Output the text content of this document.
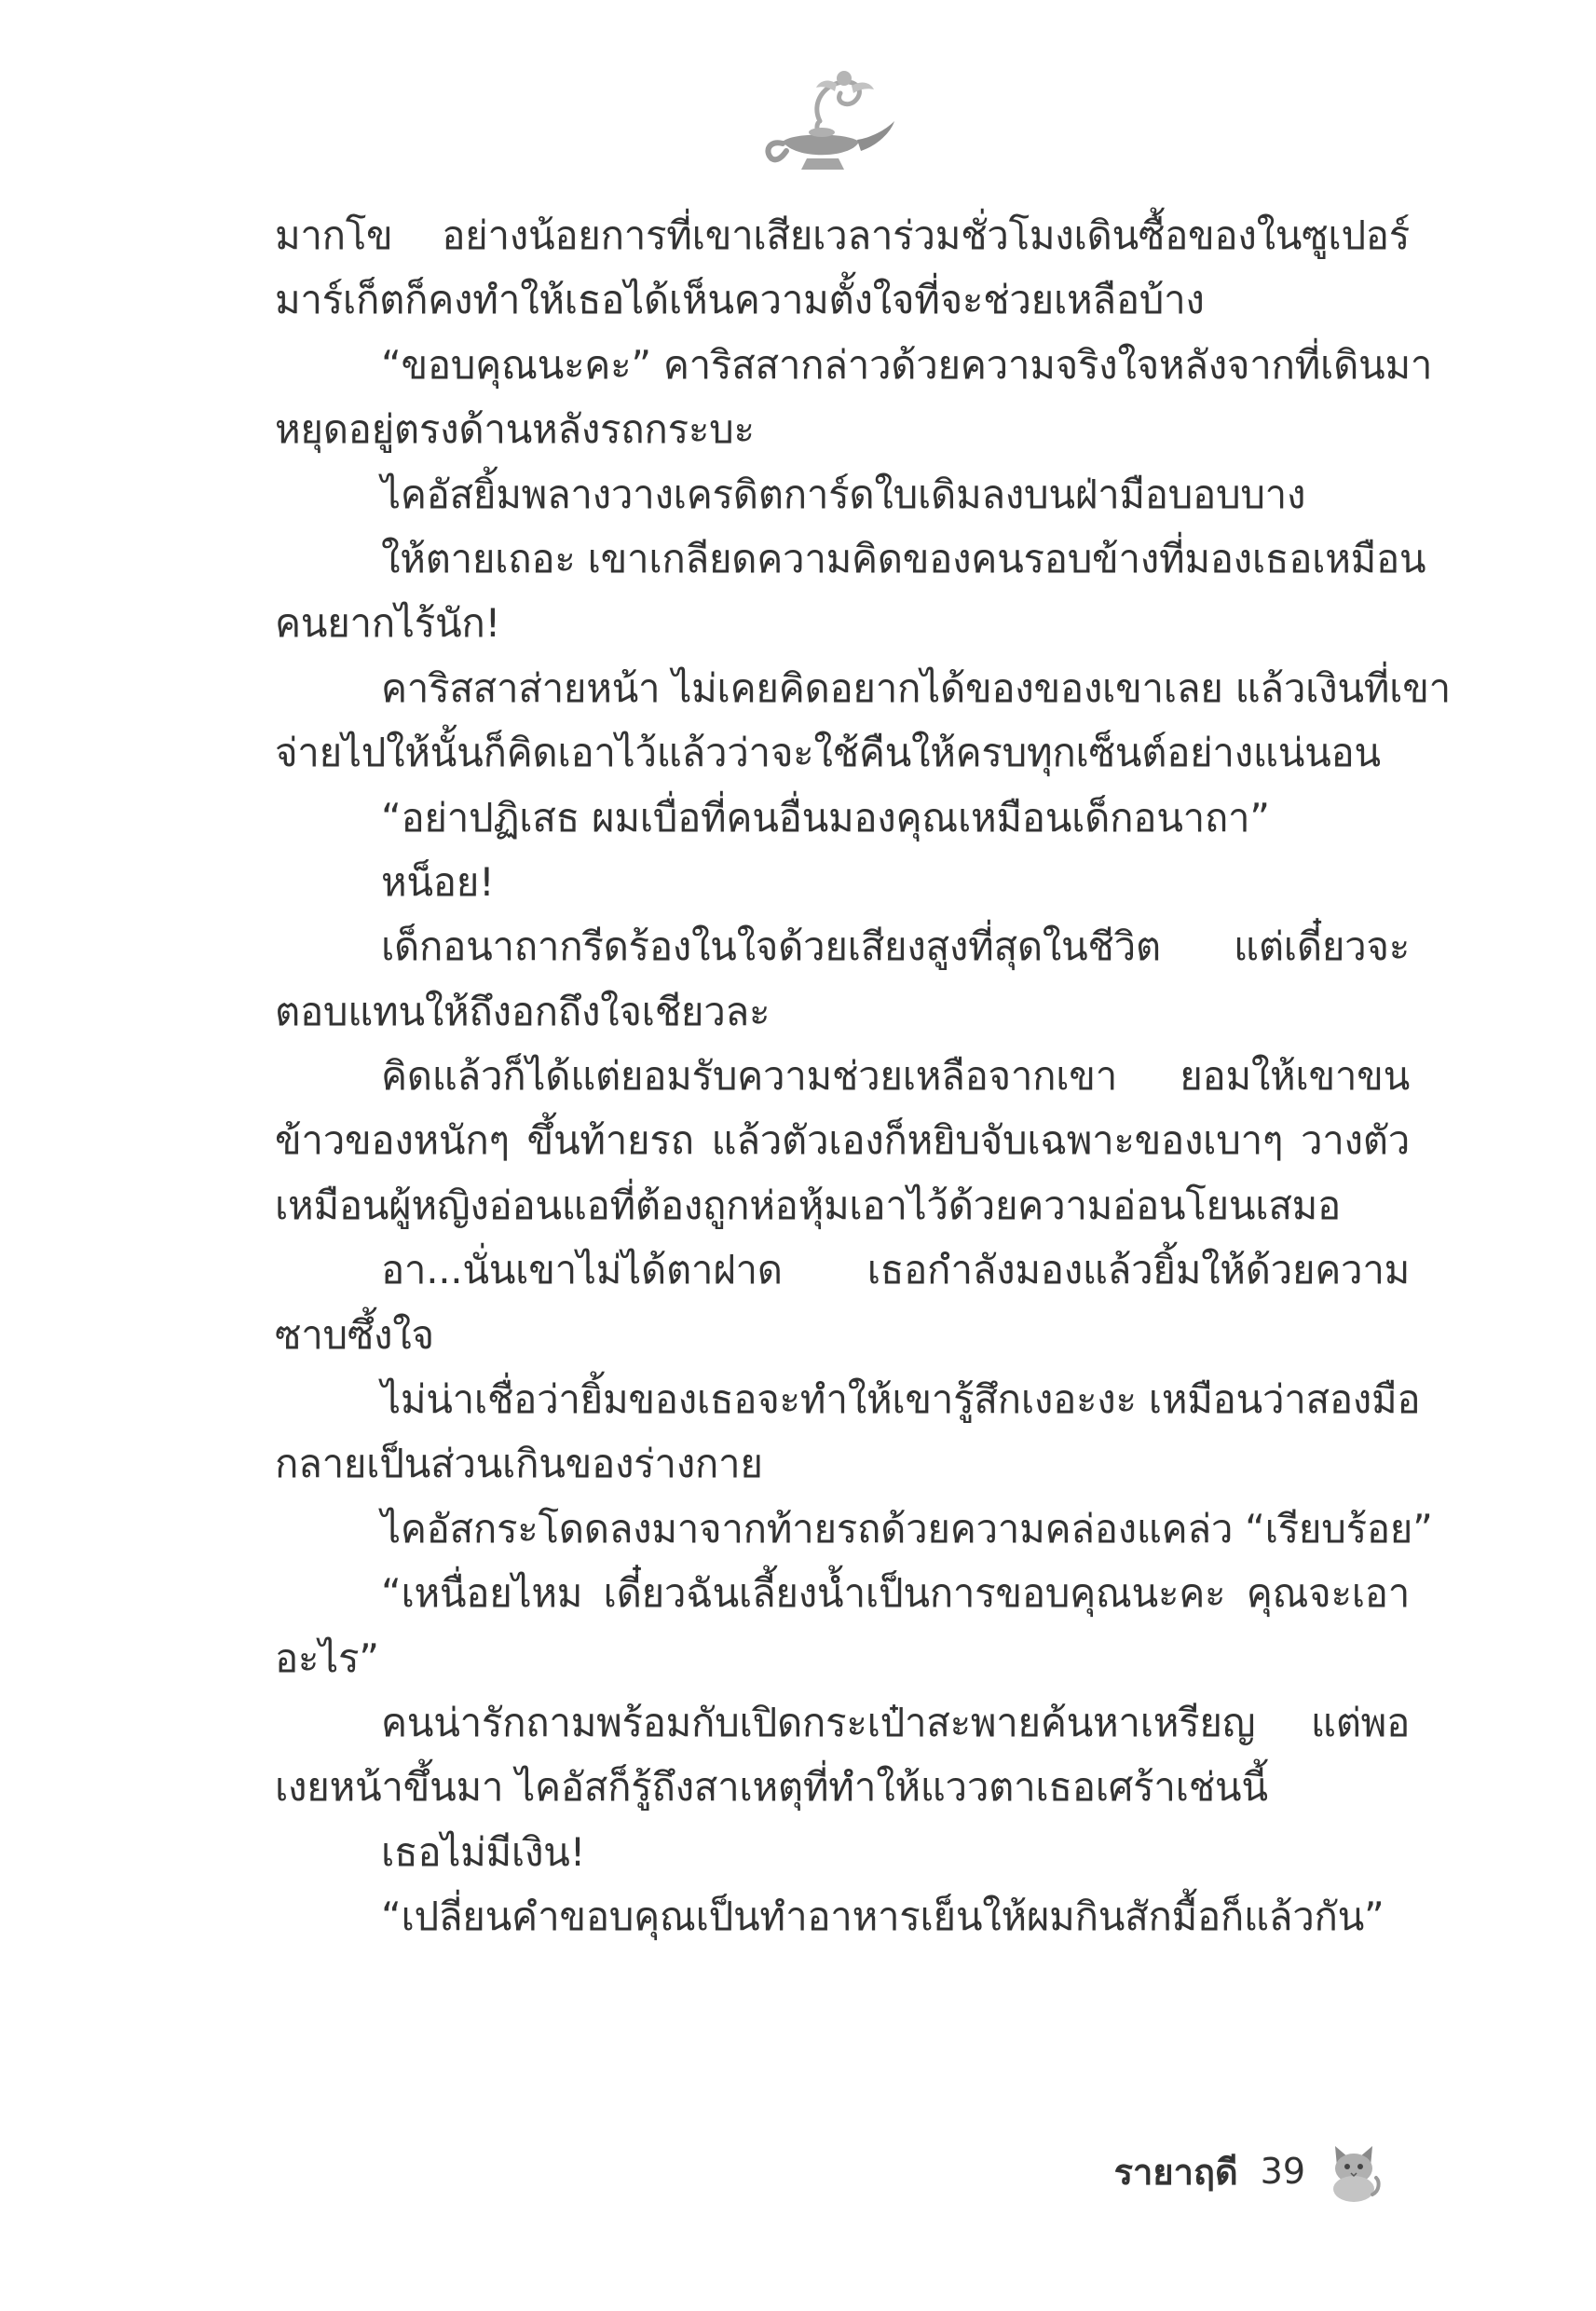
มากโข อย่างน้อยการที่เขาเสียเวลาร่วมชั่วโมงเดินซื้อของในซูเปอร์
มาร์เก็ตก็คงทำให้เธอได้เห็นความตั้งใจที่จะช่วยเหลือบ้าง
“ขอบคุณนะคะ” คาริสสากล่าวด้วยความจริงใจหลังจากที่เดินมา
หยุดอยู่ตรงด้านหลังรถกระบะ
ไคอัสยิ้มพลางวางเครดิตการ์ดใบเดิมลงบนฝ่ามือบอบบาง
ให้ตายเถอะ เขาเกลียดความคิดของคนรอบข้างที่มองเธอเหมือน
คนยากไร้นัก!
คาริสสาส่ายหน้า ไม่เคยคิดอยากได้ของของเขาเลย แล้วเงินที่เขา
จ่ายไปให้นั้นก็คิดเอาไว้แล้วว่าจะใช้คืนให้ครบทุกเซ็นต์อย่างแน่นอน
“อย่าปฏิเสธ ผมเบื่อที่คนอื่นมองคุณเหมือนเด็กอนาถา”
หน็อย!
เด็กอนาถากรีดร้องในใจด้วยเสียงสูงที่สุดในชีวิต แต่เดี๋ยวจะ
ตอบแทนให้ถึงอกถึงใจเชียวละ
คิดแล้วก็ได้แต่ยอมรับความช่วยเหลือจากเขา ยอมให้เขาขน
ข้าวของหนักๆ ขึ้นท้ายรถ แล้วตัวเองก็หยิบจับเฉพาะของเบาๆ วางตัว
เหมือนผู้หญิงอ่อนแอที่ต้องถูกห่อหุ้มเอาไว้ด้วยความอ่อนโยนเสมอ
อา...นั่นเขาไม่ได้ตาฝาด เธอกำลังมองแล้วยิ้มให้ด้วยความ
ซาบซึ้งใจ
ไม่น่าเชื่อว่ายิ้มของเธอจะทำให้เขารู้สึกเงอะงะ เหมือนว่าสองมือ
กลายเป็นส่วนเกินของร่างกาย
ไคอัสกระโดดลงมาจากท้ายรถด้วยความคล่องแคล่ว “เรียบร้อย”
“เหนื่อยไหม เดี๋ยวฉันเลี้ยงน้ำเป็นการขอบคุณนะคะ คุณจะเอา
อะไร”
คนน่ารักถามพร้อมกับเปิดกระเป๋าสะพายค้นหาเหรียญ แต่พอ
เงยหน้าขึ้นมา ไคอัสก็รู้ถึงสาเหตุที่ทำให้แววตาเธอเศร้าเช่นนี้
เธอไม่มีเงิน!
“เปลี่ยนคำขอบคุณเป็นทำอาหารเย็นให้ผมกินสักมื้อก็แล้วกัน”
รายาฤดี 39
